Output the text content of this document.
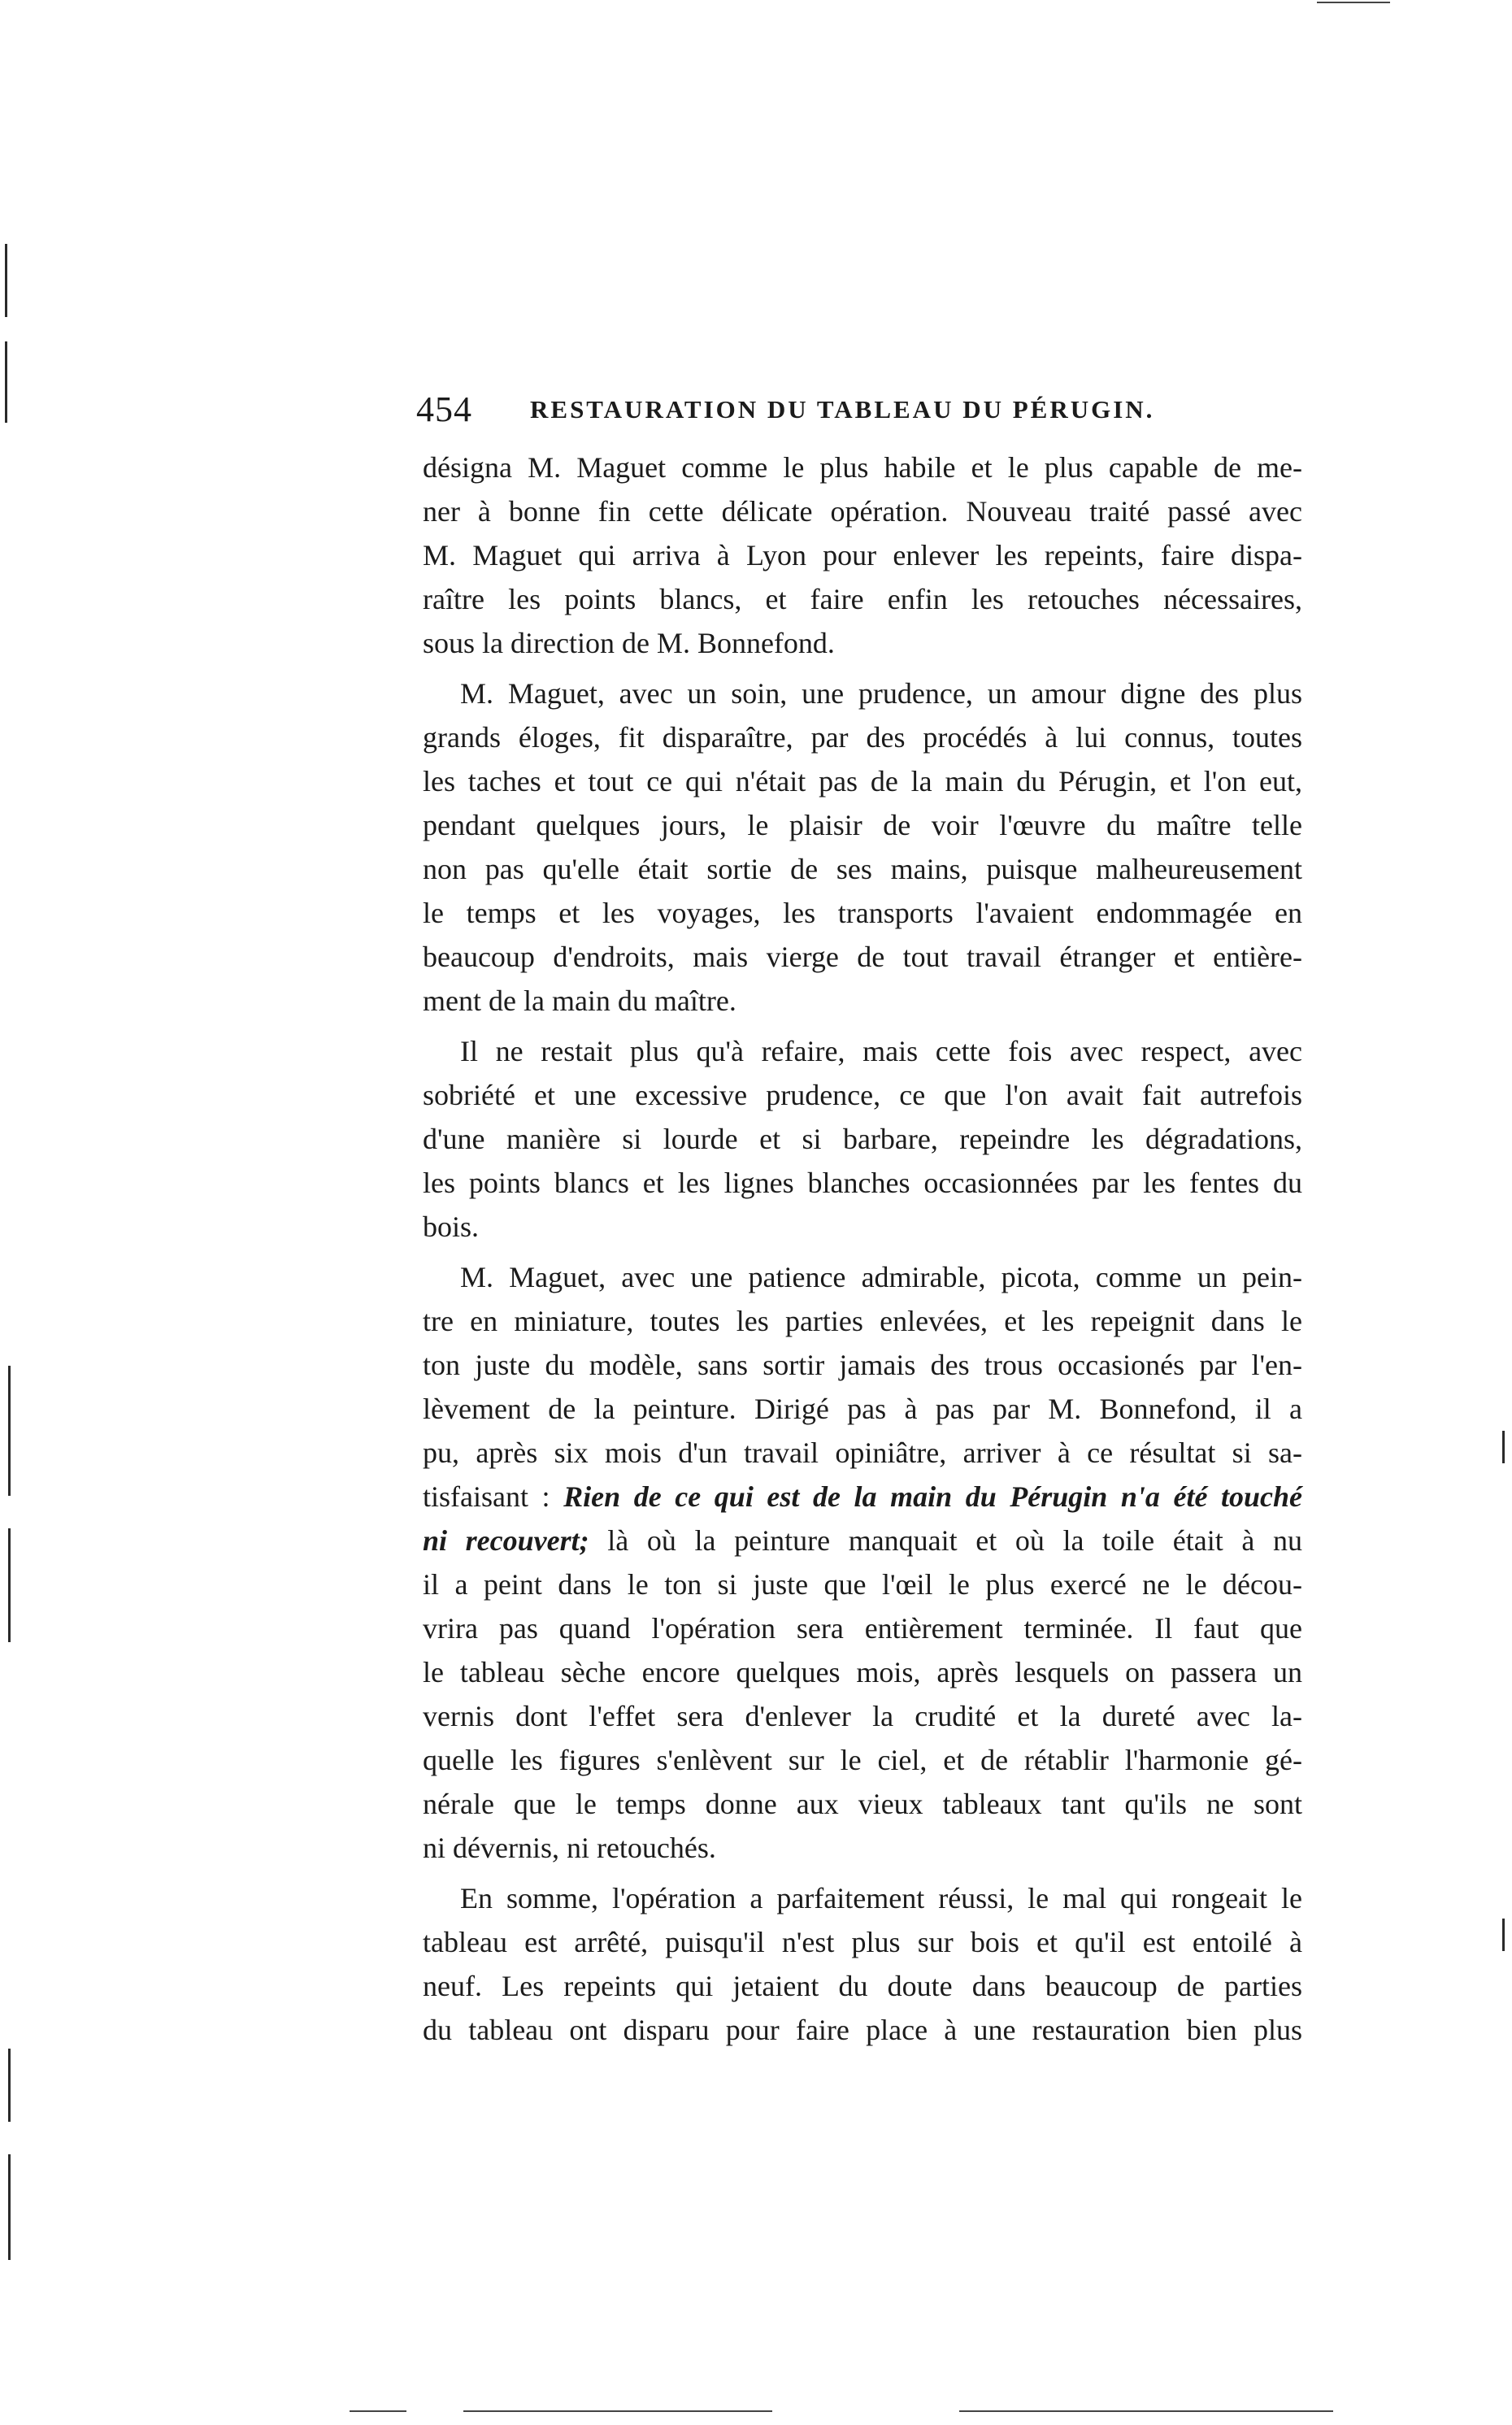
454 RESTAURATION DU TABLEAU DU PÉRUGIN.
désigna M. Maguet comme le plus habile et le plus capable de me-
ner à bonne fin cette délicate opération. Nouveau traité passé avec
M. Maguet qui arriva à Lyon pour enlever les repeints, faire dispa-
raître les points blancs, et faire enfin les retouches nécessaires,
sous la direction de M. Bonnefond.
M. Maguet, avec un soin, une prudence, un amour digne des plus
grands éloges, fit disparaître, par des procédés à lui connus, toutes
les taches et tout ce qui n'était pas de la main du Pérugin, et l'on eut,
pendant quelques jours, le plaisir de voir l'œuvre du maître telle
non pas qu'elle était sortie de ses mains, puisque malheureusement
le temps et les voyages, les transports l'avaient endommagée en
beaucoup d'endroits, mais vierge de tout travail étranger et entière-
ment de la main du maître.
Il ne restait plus qu'à refaire, mais cette fois avec respect, avec
sobriété et une excessive prudence, ce que l'on avait fait autrefois
d'une manière si lourde et si barbare, repeindre les dégradations,
les points blancs et les lignes blanches occasionnées par les fentes du
bois.
M. Maguet, avec une patience admirable, picota, comme un pein-
tre en miniature, toutes les parties enlevées, et les repeignit dans le
ton juste du modèle, sans sortir jamais des trous occasionés par l'en-
lèvement de la peinture. Dirigé pas à pas par M. Bonnefond, il a
pu, après six mois d'un travail opiniâtre, arriver à ce résultat si sa-
tisfaisant : Rien de ce qui est de la main du Pérugin n'a été touché
ni recouvert; là où la peinture manquait et où la toile était à nu
il a peint dans le ton si juste que l'œil le plus exercé ne le décou-
vrira pas quand l'opération sera entièrement terminée. Il faut que
le tableau sèche encore quelques mois, après lesquels on passera un
vernis dont l'effet sera d'enlever la crudité et la dureté avec la-
quelle les figures s'enlèvent sur le ciel, et de rétablir l'harmonie gé-
nérale que le temps donne aux vieux tableaux tant qu'ils ne sont
ni dévernis, ni retouchés.
En somme, l'opération a parfaitement réussi, le mal qui rongeait le
tableau est arrêté, puisqu'il n'est plus sur bois et qu'il est entoilé à
neuf. Les repeints qui jetaient du doute dans beaucoup de parties
du tableau ont disparu pour faire place à une restauration bien plus
